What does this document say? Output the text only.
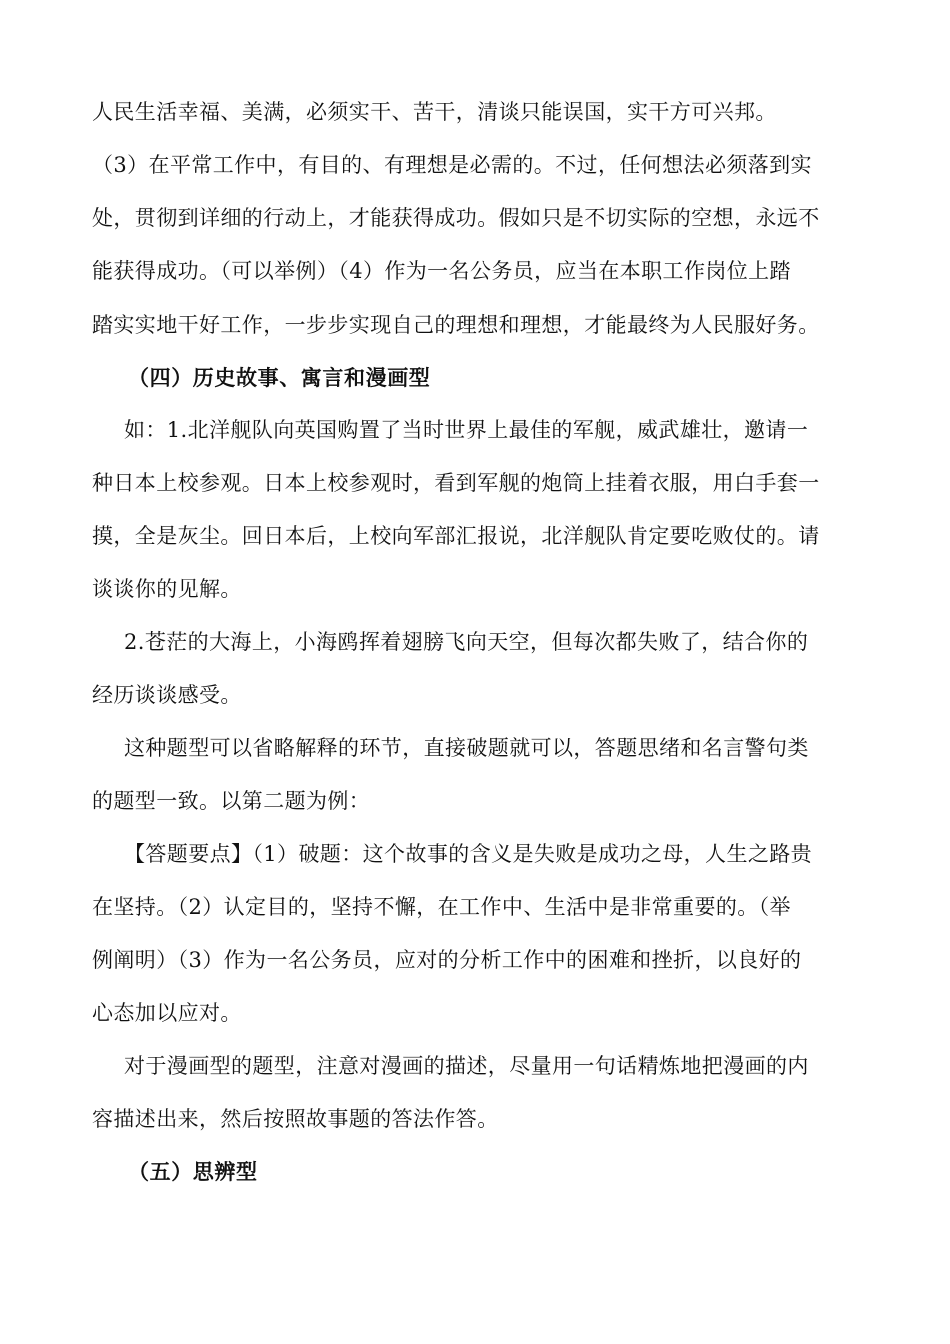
人民生活幸福、美满，必须实干、苦干，清谈只能误国，实干方可兴邦。
（3）在平常工作中，有目的、有理想是必需的。不过，任何想法必须落到实
处，贯彻到详细的行动上，才能获得成功。假如只是不切实际的空想，永远不
能获得成功。（可以举例）（4）作为一名公务员，应当在本职工作岗位上踏
踏实实地干好工作，一步步实现自己的理想和理想，才能最终为人民服好务。
（四）历史故事、寓言和漫画型
如：1.北洋舰队向英国购置了当时世界上最佳的军舰，威武雄壮，邀请一
种日本上校参观。日本上校参观时，看到军舰的炮筒上挂着衣服，用白手套一
摸，全是灰尘。回日本后，上校向军部汇报说，北洋舰队肯定要吃败仗的。请
谈谈你的见解。
2.苍茫的大海上，小海鸥挥着翅膀飞向天空，但每次都失败了，结合你的
经历谈谈感受。
这种题型可以省略解释的环节，直接破题就可以，答题思绪和名言警句类
的题型一致。以第二题为例：
【答题要点】（1）破题：这个故事的含义是失败是成功之母，人生之路贵
在坚持。（2）认定目的，坚持不懈，在工作中、生活中是非常重要的。（举
例阐明）（3）作为一名公务员，应对的分析工作中的困难和挫折，以良好的
心态加以应对。
对于漫画型的题型，注意对漫画的描述，尽量用一句话精炼地把漫画的内
容描述出来，然后按照故事题的答法作答。
（五）思辨型
